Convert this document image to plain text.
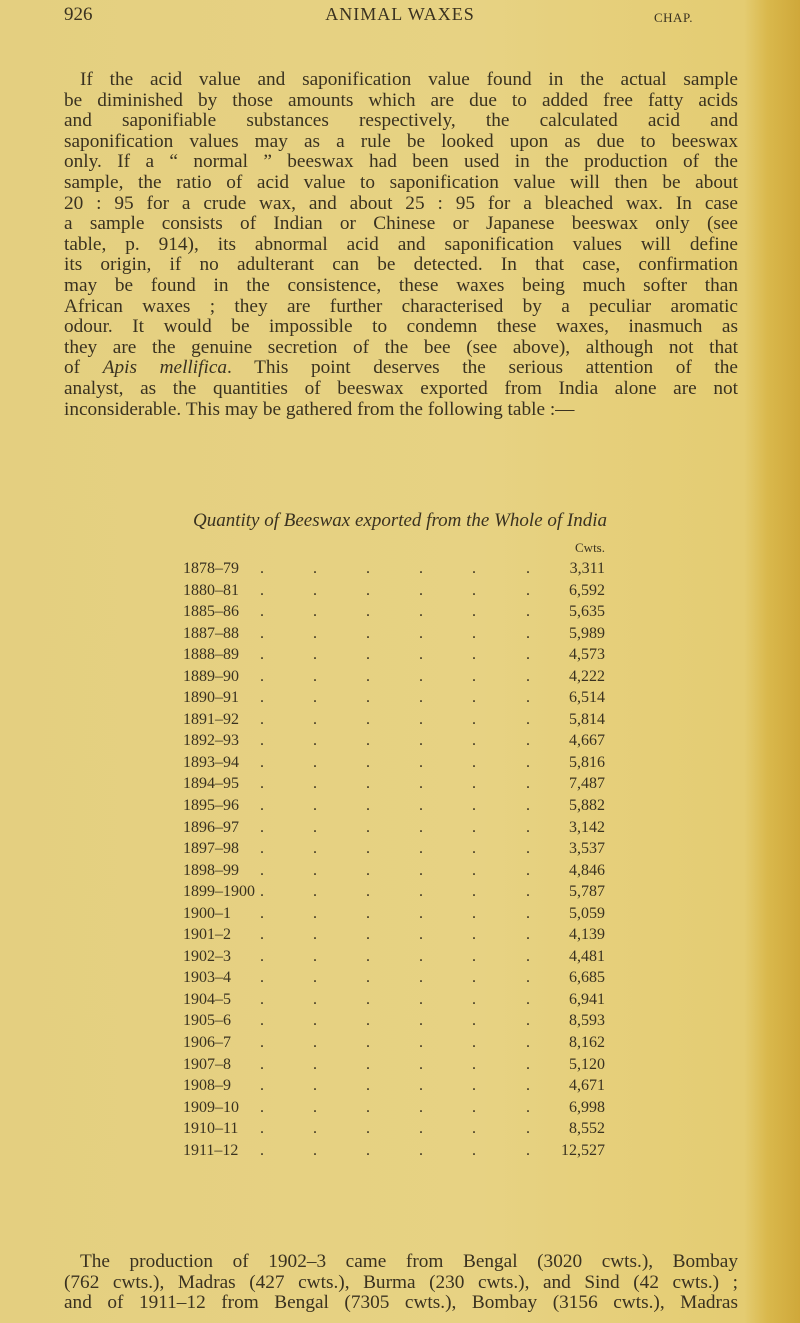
926	ANIMAL WAXES	CHAP.
If the acid value and saponification value found in the actual sample
be diminished by those amounts which are due to added free fatty acids
and saponifiable substances respectively, the calculated acid and
saponification values may as a rule be looked upon as due to beeswax
only. If a “ normal ” beeswax had been used in the production of the
sample, the ratio of acid value to saponification value will then be about
20 : 95 for a crude wax, and about 25 : 95 for a bleached wax. In case
a sample consists of Indian or Chinese or Japanese beeswax only (see
table, p. 914), its abnormal acid and saponification values will define
its origin, if no adulterant can be detected. In that case, confirmation
may be found in the consistence, these waxes being much softer than
African waxes ; they are further characterised by a peculiar aromatic
odour. It would be impossible to condemn these waxes, inasmuch as
they are the genuine secretion of the bee (see above), although not that
of Apis mellifica. This point deserves the serious attention of the
analyst, as the quantities of beeswax exported from India alone are not
inconsiderable. This may be gathered from the following table :—
Quantity of Beeswax exported from the Whole of India
Cwts.
1878–79 .	.	.	.	.	. 3,311
1880–81 .	.	.	.	.	. 6,592
1885–86 .	.	.	.	.	. 5,635
1887–88 .	.	.	.	.	. 5,989
1888–89 .	.	.	.	.	. 4,573
1889–90 .	.	.	.	.	. 4,222
1890–91 .	.	.	.	.	. 6,514
1891–92 .	.	.	.	.	. 5,814
1892–93 .	.	.	.	.	. 4,667
1893–94 .	.	.	.	.	. 5,816
1894–95 .	.	.	.	.	. 7,487
1895–96 .	.	.	.	.	. 5,882
1896–97 .	.	.	.	.	. 3,142
1897–98 .	.	.	.	.	. 3,537
1898–99 .	.	.	.	.	. 4,846
1899–1900 .	.	.	.	.	. 5,787
1900–1 .	.	.	.	.	. 5,059
1901–2 .	.	.	.	.	. 4,139
1902–3 .	.	.	.	.	. 4,481
1903–4 .	.	.	.	.	. 6,685
1904–5 .	.	.	.	.	. 6,941
1905–6 .	.	.	.	.	. 8,593
1906–7 .	.	.	.	.	. 8,162
1907–8 .	.	.	.	.	. 5,120
1908–9 .	.	.	.	.	. 4,671
1909–10 .	.	.	.	.	. 6,998
1910–11 .	.	.	.	.	. 8,552
1911–12 .	.	.	.	.	. 12,527
The production of 1902–3 came from Bengal (3020 cwts.), Bombay
(762 cwts.), Madras (427 cwts.), Burma (230 cwts.), and Sind (42 cwts.) ;
and of 1911–12 from Bengal (7305 cwts.), Bombay (3156 cwts.), Madras
